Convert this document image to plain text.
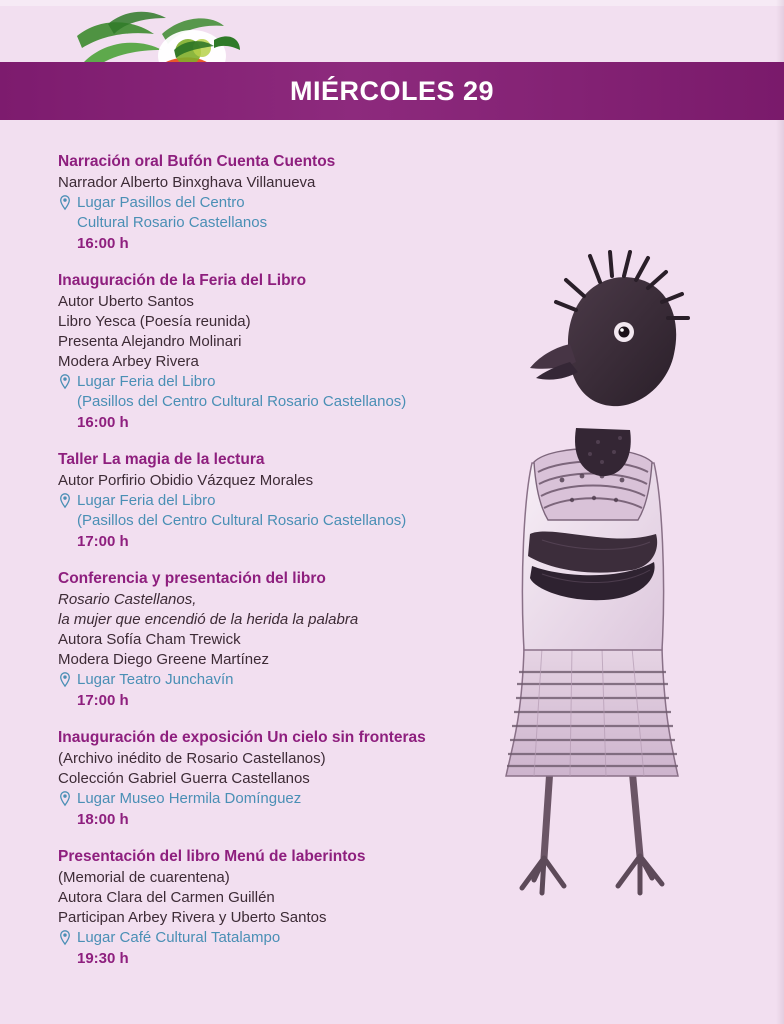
MIÉRCOLES 29
Narración oral Bufón Cuenta Cuentos
Narrador Alberto Binxghava Villanueva
Lugar Pasillos del Centro
Cultural Rosario Castellanos
16:00 h
Inauguración de la Feria del Libro
Autor Uberto Santos
Libro Yesca (Poesía reunida)
Presenta Alejandro Molinari
Modera Arbey Rivera
Lugar Feria del Libro
(Pasillos del Centro Cultural Rosario Castellanos)
16:00 h
Taller La magia de la lectura
Autor Porfirio Obidio Vázquez Morales
Lugar Feria del Libro
(Pasillos del Centro Cultural Rosario Castellanos)
17:00 h
Conferencia y presentación del libro
Rosario Castellanos,
la mujer que encendió de la herida la palabra
Autora Sofía Cham Trewick
Modera Diego Greene Martínez
Lugar Teatro Junchavín
17:00 h
Inauguración de exposición Un cielo sin fronteras
(Archivo inédito de Rosario Castellanos)
Colección Gabriel Guerra Castellanos
Lugar Museo Hermila Domínguez
18:00 h
Presentación del libro Menú de laberintos
(Memorial de cuarentena)
Autora Clara del Carmen Guillén
Participan Arbey Rivera y Uberto Santos
Lugar Café Cultural Tatalampo
19:30 h
